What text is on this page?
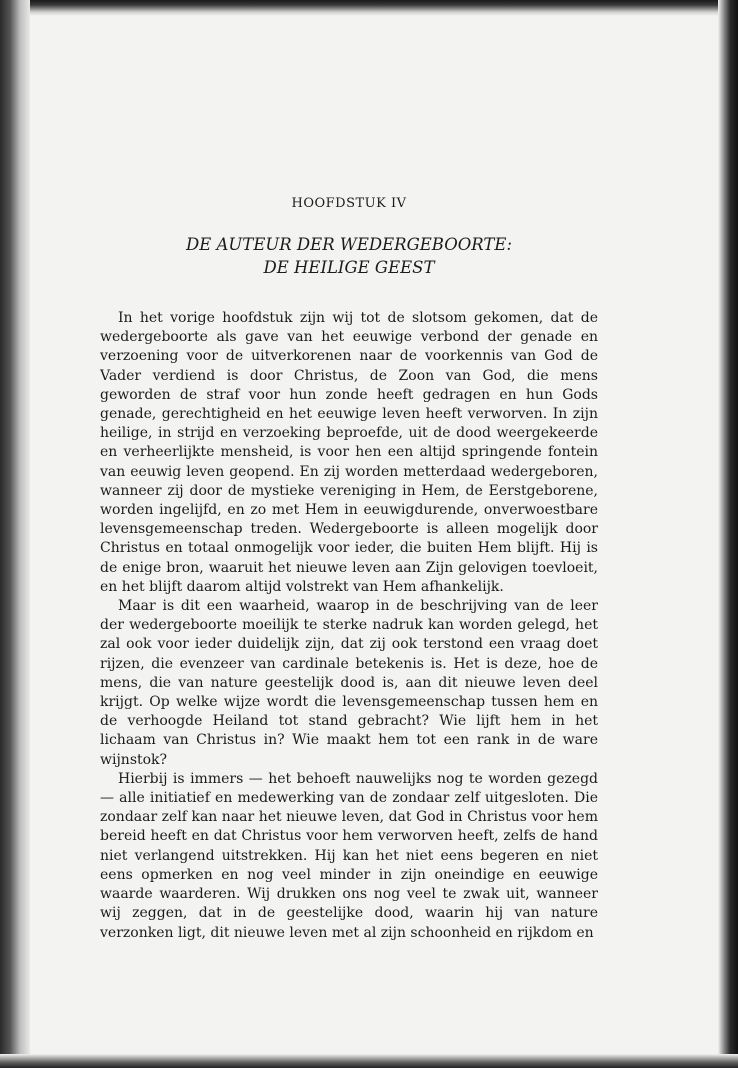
HOOFDSTUK IV
DE AUTEUR DER WEDERGEBOORTE:
DE HEILIGE GEEST

In het vorige hoofdstuk zijn wij tot de slotsom gekomen, dat de wedergeboorte als gave van het eeuwige verbond der genade en verzoening voor de uitverkorenen naar de voorkennis van God de Vader verdiend is door Christus, de Zoon van God, die mens geworden de straf voor hun zonde heeft gedragen en hun Gods genade, gerechtigheid en het eeuwige leven heeft verworven. In zijn heilige, in strijd en verzoeking beproefde, uit de dood weergekeerde en verheerlijkte mensheid, is voor hen een altijd springende fontein van eeuwig leven geopend. En zij worden metterdaad wedergeboren, wanneer zij door de mystieke vereniging in Hem, de Eerstgeborene, worden ingelijfd, en zo met Hem in eeuwigdurende, onverwoestbare levensgemeenschap treden. Wedergeboorte is alleen mogelijk door Christus en totaal onmogelijk voor ieder, die buiten Hem blijft. Hij is de enige bron, waaruit het nieuwe leven aan Zijn gelovigen toevloeit, en het blijft daarom altijd volstrekt van Hem afhankelijk.

Maar is dit een waarheid, waarop in de beschrijving van de leer der wedergeboorte moeilijk te sterke nadruk kan worden gelegd, het zal ook voor ieder duidelijk zijn, dat zij ook terstond een vraag doet rijzen, die evenzeer van cardinale betekenis is. Het is deze, hoe de mens, die van nature geestelijk dood is, aan dit nieuwe leven deel krijgt. Op welke wijze wordt die levensgemeenschap tussen hem en de verhoogde Heiland tot stand gebracht? Wie lijft hem in het lichaam van Christus in? Wie maakt hem tot een rank in de ware wijnstok?

Hierbij is immers — het behoeft nauwelijks nog te worden gezegd — alle initiatief en medewerking van de zondaar zelf uitgesloten. Die zondaar zelf kan naar het nieuwe leven, dat God in Christus voor hem bereid heeft en dat Christus voor hem verworven heeft, zelfs de hand niet verlangend uitstrekken. Hij kan het niet eens begeren en niet eens opmerken en nog veel minder in zijn oneindige en eeuwige waarde waarderen. Wij drukken ons nog veel te zwak uit, wanneer wij zeggen, dat in de geestelijke dood, waarin hij van nature verzonken ligt, dit nieuwe leven met al zijn schoonheid en rijkdom en
